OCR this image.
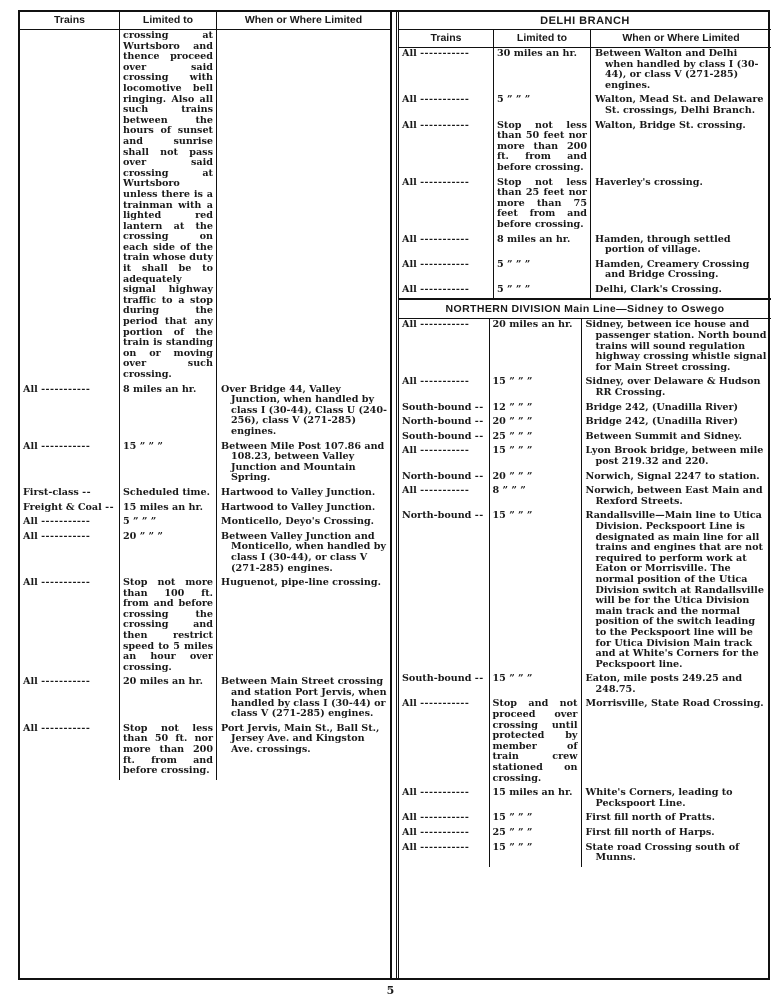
Trains	Limited to	When or Where Limited
	crossing at Wurtsboro and thence proceed over said crossing with locomotive bell ringing. Also all such trains between the hours of sunset and sunrise shall not pass over said crossing at Wurtsboro unless there is a trainman with a lighted red lantern at the crossing on each side of the train whose duty it shall be to adequately signal highway traffic to a stop during the period that any portion of the train is standing on or moving over such crossing.	
All -----------	8 miles an hr.	Over Bridge 44, Valley Junction, when handled by class I (30-44), Class U (240-256), class V (271-285) engines.
All -----------	15 ” ” ”	Between Mile Post 107.86 and 108.23, between Valley Junction and Mountain Spring.
First-class --	Scheduled time.	Hartwood to Valley Junction.
Freight & Coal --	15 miles an hr.	Hartwood to Valley Junction.
All -----------	5 ” ” ”	Monticello, Deyo's Crossing.
All -----------	20 ” ” ”	Between Valley Junction and Monticello, when handled by class I (30-44), or class V (271-285) engines.
All -----------	Stop not more than 100 ft. from and before crossing the crossing and then restrict speed to 5 miles an hour over crossing.	Huguenot, pipe-line crossing.
All -----------	20 miles an hr.	Between Main Street crossing and station Port Jervis, when handled by class I (30-44) or class V (271-285) engines.
All -----------	Stop not less than 50 ft. nor more than 200 ft. from and before crossing.	Port Jervis, Main St., Ball St., Jersey Ave. and Kingston Ave. crossings.
DELHI BRANCH
Trains	Limited to	When or Where Limited
All -----------	30 miles an hr.	Between Walton and Delhi when handled by class I (30-44), or class V (271-285) engines.
All -----------	5 ” ” ”	Walton, Mead St. and Delaware St. crossings, Delhi Branch.
All -----------	Stop not less than 50 feet nor more than 200 ft. from and before crossing.	Walton, Bridge St. crossing.
All -----------	Stop not less than 25 feet nor more than 75 feet from and before crossing.	Haverley's crossing.
All -----------	8 miles an hr.	Hamden, through settled portion of village.
All -----------	5 ” ” ”	Hamden, Creamery Crossing and Bridge Crossing.
All -----------	5 ” ” ”	Delhi, Clark's Crossing.
NORTHERN DIVISION Main Line—Sidney to Oswego
All -----------	20 miles an hr.	Sidney, between ice house and passenger station. North bound trains will sound regulation highway crossing whistle signal for Main Street crossing.
All -----------	15 ” ” ”	Sidney, over Delaware & Hudson RR Crossing.
South-bound --	12 ” ” ”	Bridge 242, (Unadilla River)
North-bound --	20 ” ” ”	Bridge 242, (Unadilla River)
South-bound --	25 ” ” ”	Between Summit and Sidney.
All -----------	15 ” ” ”	Lyon Brook bridge, between mile post 219.32 and 220.
North-bound --	20 ” ” ”	Norwich, Signal 2247 to station.
All -----------	8 ” ” ”	Norwich, between East Main and Rexford Streets.
North-bound --	15 ” ” ”	Randallsville—Main line to Utica Division. Peckspoort Line is designated as main line for all trains and engines that are not required to perform work at Eaton or Morrisville. The normal position of the Utica Division switch at Randallsville will be for the Utica Division main track and the normal position of the switch leading to the Peckspoort line will be for Utica Division Main track and at White's Corners for the Peckspoort line.
South-bound --	15 ” ” ”	Eaton, mile posts 249.25 and 248.75.
All -----------	Stop and not proceed over crossing until protected by member of train crew stationed on crossing.	Morrisville, State Road Crossing.
All -----------	15 miles an hr.	White's Corners, leading to Peckspoort Line.
All -----------	15 ” ” ”	First fill north of Pratts.
All -----------	25 ” ” ”	First fill north of Harps.
All -----------	15 ” ” ”	State road Crossing south of Munns.
5
